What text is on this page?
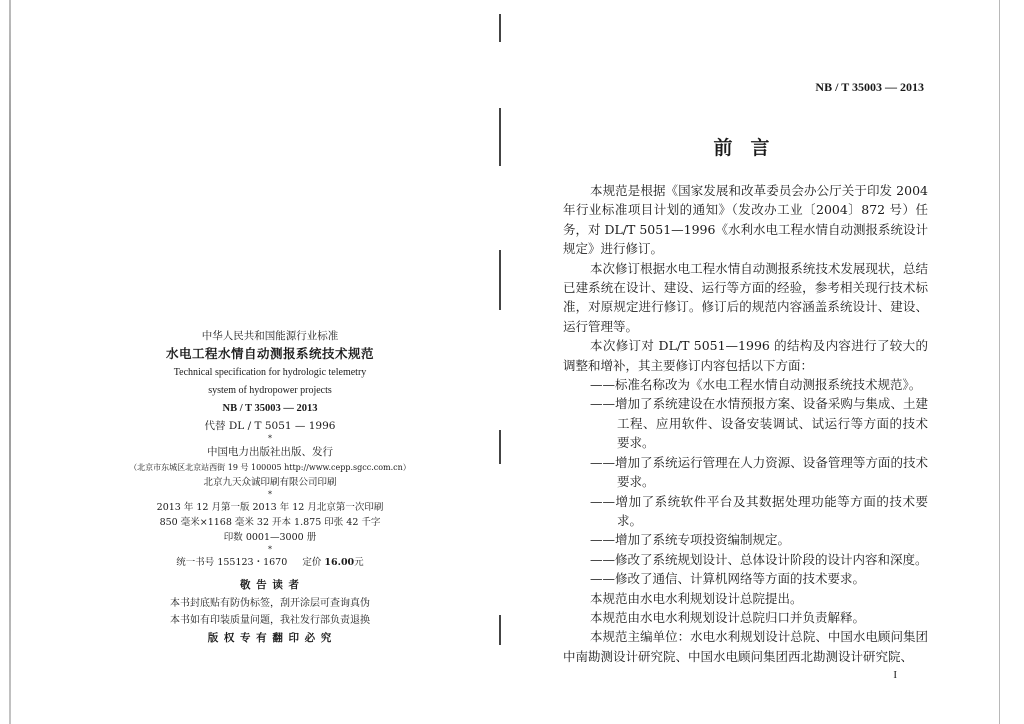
中华人民共和国能源行业标准
水电工程水情自动测报系统技术规范
Technical specification for hydrologic telemetry
system of hydropower projects
NB / T 35003 — 2013
代替 DL / T 5051 — 1996
*
中国电力出版社出版、发行
（北京市东城区北京站西街 19 号 100005 http://www.cepp.sgcc.com.cn）
北京九天众诚印刷有限公司印刷
*
2013 年 12 月第一版 2013 年 12 月北京第一次印刷
850 毫米×1168 毫米 32 开本 1.875 印张 42 千字
印数 0001—3000 册
*
统一书号 155123・1670 定价 16.00元
敬 告 读 者
本书封底贴有防伪标签，刮开涂层可查询真伪
本书如有印装质量问题，我社发行部负责退换
版 权 专 有 翻 印 必 究
NB / T 35003 — 2013
前言

本规范是根据《国家发展和改革委员会办公厅关于印发 2004 年行业标准项目计划的通知》（发改办工业〔2004〕872 号）任务，对 DL/T 5051—1996《水利水电工程水情自动测报系统设计规定》进行修订。

本次修订根据水电工程水情自动测报系统技术发展现状，总结已建系统在设计、建设、运行等方面的经验，参考相关现行技术标准，对原规定进行修订。修订后的规范内容涵盖系统设计、建设、运行管理等。

本次修订对 DL/T 5051—1996 的结构及内容进行了较大的调整和增补，其主要修订内容包括以下方面：

——标准名称改为《水电工程水情自动测报系统技术规范》。

——增加了系统建设在水情预报方案、设备采购与集成、土建工程、应用软件、设备安装调试、试运行等方面的技术要求。

——增加了系统运行管理在人力资源、设备管理等方面的技术要求。

——增加了系统软件平台及其数据处理功能等方面的技术要求。

——增加了系统专项投资编制规定。

——修改了系统规划设计、总体设计阶段的设计内容和深度。

——修改了通信、计算机网络等方面的技术要求。

本规范由水电水利规划设计总院提出。

本规范由水电水利规划设计总院归口并负责解释。

本规范主编单位：水电水利规划设计总院、中国水电顾问集团中南勘测设计研究院、中国水电顾问集团西北勘测设计研究院、

I
